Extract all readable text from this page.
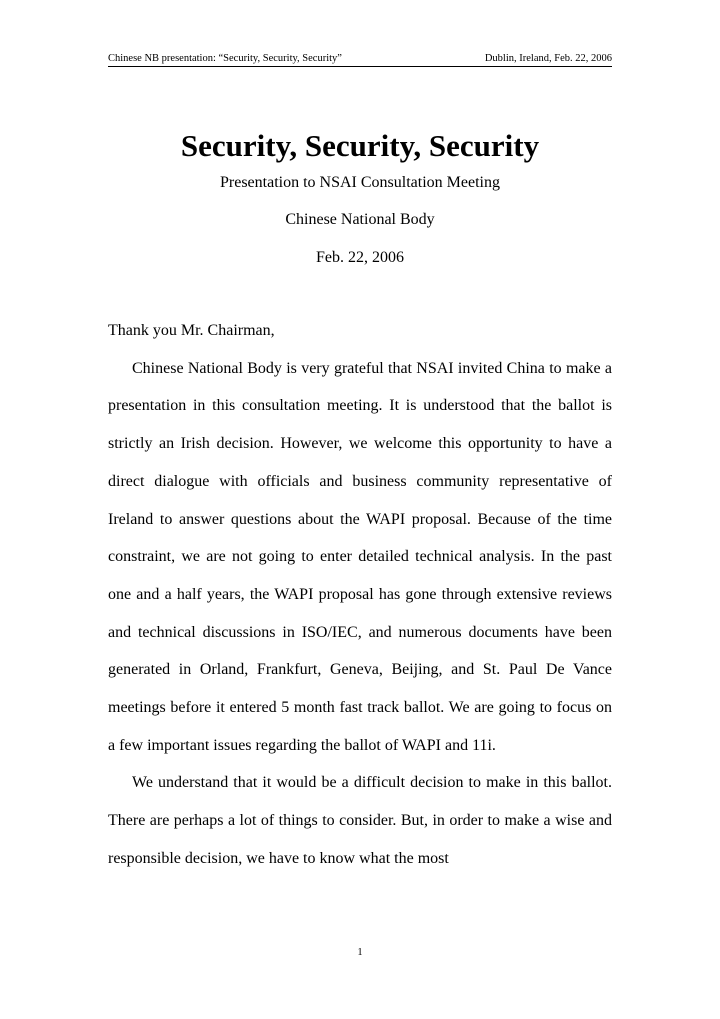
Chinese NB presentation: “Security, Security, Security”	Dublin, Ireland, Feb. 22, 2006
Security, Security, Security
Presentation to NSAI Consultation Meeting
Chinese National Body
Feb. 22, 2006

Thank you Mr. Chairman,

Chinese National Body is very grateful that NSAI invited China to make a presentation in this consultation meeting. It is understood that the ballot is strictly an Irish decision. However, we welcome this opportunity to have a direct dialogue with officials and business community representative of Ireland to answer questions about the WAPI proposal. Because of the time constraint, we are not going to enter detailed technical analysis. In the past one and a half years, the WAPI proposal has gone through extensive reviews and technical discussions in ISO/IEC, and numerous documents have been generated in Orland, Frankfurt, Geneva, Beijing, and St. Paul De Vance meetings before it entered 5 month fast track ballot. We are going to focus on a few important issues regarding the ballot of WAPI and 11i.

We understand that it would be a difficult decision to make in this ballot. There are perhaps a lot of things to consider. But, in order to make a wise and responsible decision, we have to know what the most

1
